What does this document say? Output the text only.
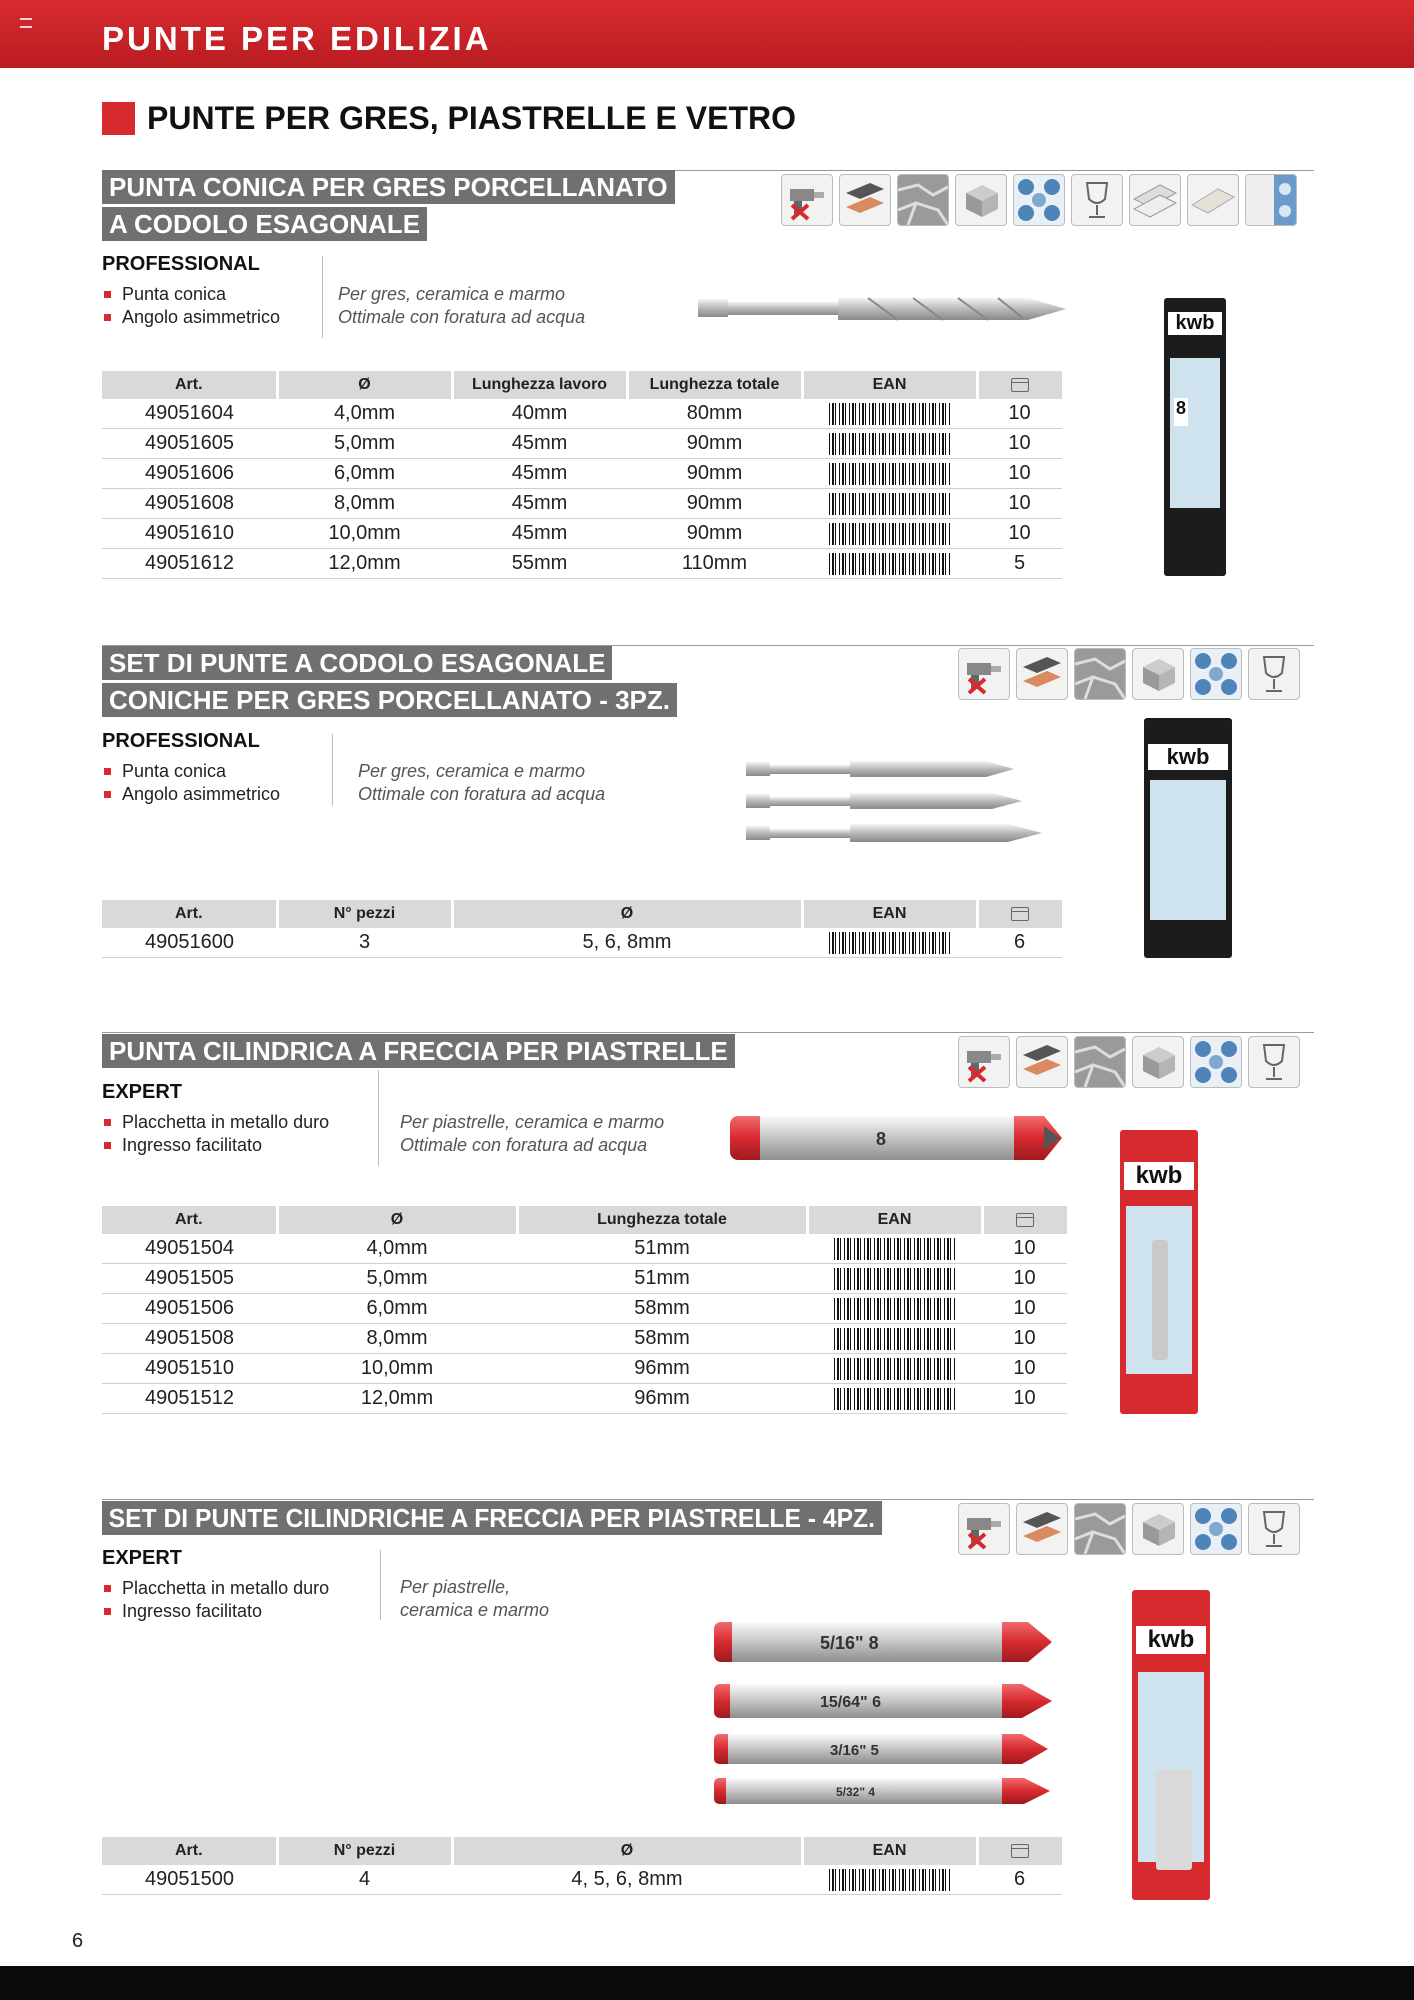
PUNTE PER EDILIZIA
PUNTE PER GRES, PIASTRELLE E VETRO
PUNTA CONICA PER GRES PORCELLANATO
A CODOLO ESAGONALE
PROFESSIONAL
Punta conica
Angolo asimmetrico
Per gres, ceramica e marmo
Ottimale con foratura ad acqua	kwb
8
Art.	Ø	Lunghezza lavoro	Lunghezza totale	EAN	
49051604	4,0mm	40mm	80mm		10
49051605	5,0mm	45mm	90mm		10
49051606	6,0mm	45mm	90mm		10
49051608	8,0mm	45mm	90mm		10
49051610	10,0mm	45mm	90mm		10
49051612	12,0mm	55mm	110mm		5
SET DI PUNTE A CODOLO ESAGONALE
CONICHE PER GRES PORCELLANATO - 3PZ.
PROFESSIONAL
Punta conica
Angolo asimmetrico
Per gres, ceramica e marmo
Ottimale con foratura ad acqua
kwb
Art.	N° pezzi	Ø	EAN	
49051600	3	5, 6, 8mm		6
PUNTA CILINDRICA A FRECCIA PER PIASTRELLE
EXPERT
Placchetta in metallo duro
Ingresso facilitato
Per piastrelle, ceramica e marmo
Ottimale con foratura ad acqua	8
kwb
Art.	Ø	Lunghezza totale	EAN	
49051504	4,0mm	51mm		10
49051505	5,0mm	51mm		10
49051506	6,0mm	58mm		10
49051508	8,0mm	58mm		10
49051510	10,0mm	96mm		10
49051512	12,0mm	96mm		10
SET DI PUNTE CILINDRICHE A FRECCIA PER PIASTRELLE - 4PZ.
EXPERT
Placchetta in metallo duro
Ingresso facilitato
Per piastrelle,
ceramica e marmo
5/16" 8
15/64" 6
3/16" 5
5/32" 4
kwb
Art.	N° pezzi	Ø	EAN	
49051500	4	4, 5, 6, 8mm		6
6
